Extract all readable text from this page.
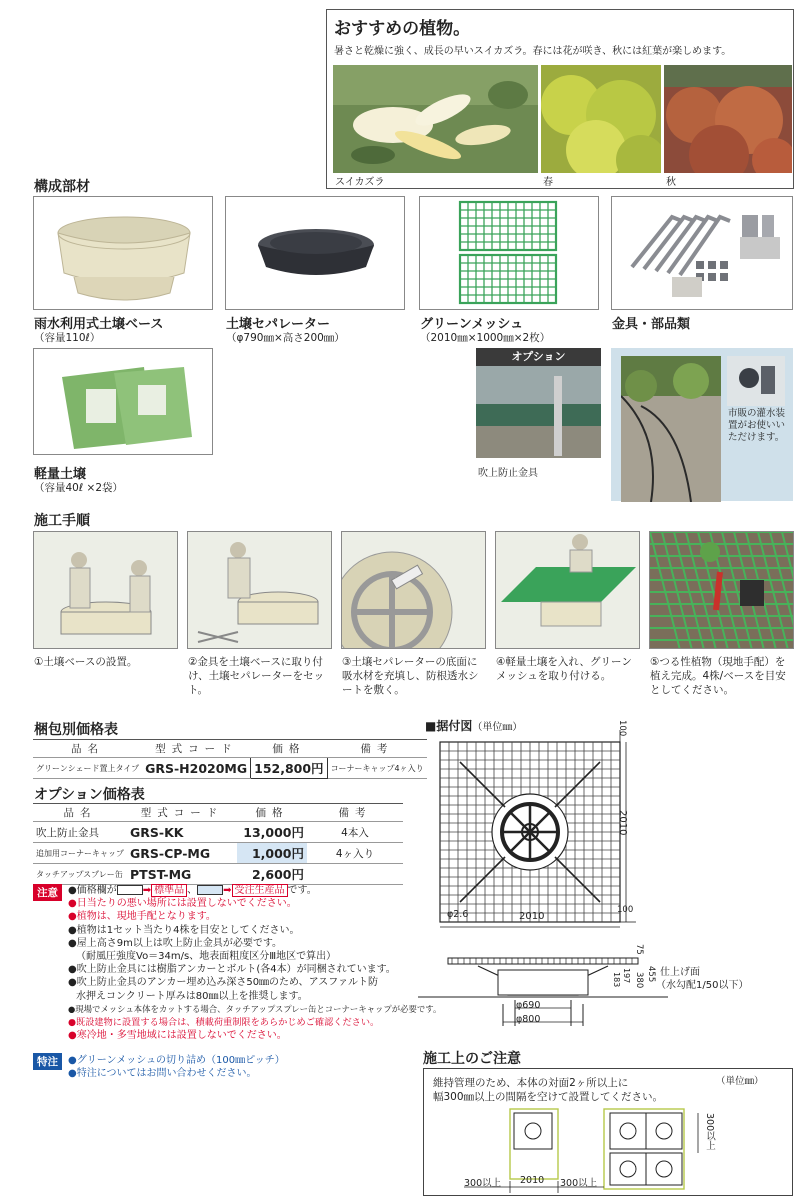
おすすめの植物。
暑さと乾燥に強く、成長の早いスイカズラ。春には花が咲き、秋には紅葉が楽しめます。
スイカズラ	春	秋
構成部材
雨水利用式土壌ベース
（容量110ℓ）
土壌セパレーター
（φ790㎜×高さ200㎜）
グリーンメッシュ
（2010㎜×1000㎜×2枚）
金具・部品類
軽量土壌
（容量40ℓ ×2袋）
オプション
吹上防止金具
市販の灌水装置がお使いいただけます。
施工手順
①土壌ベースの設置。	②金具を土壌ベースに取り付け、土壌セパレーターをセット。
③土壌セパレーターの底面に吸水材を充填し、防根透水シートを敷く。
④軽量土壌を入れ、グリーンメッシュを取り付ける。
⑤つる性植物（現地手配）を植え完成。4株/ベースを目安としてください。
梱包別価格表
品名	型式コード	価格	備考
グリーンシェード置上タイプ	GRS-H2020MG	152,800円	コーナーキャップ4ヶ入り
オプション価格表
品名	型式コード	価格	備考
吹上防止金具	GRS-KK	13,000円	4本入
追加用コーナーキャップ	GRS-CP-MG	1,000円	4ヶ入り
タッチアップスプレー缶	PTST-MG	2,600円	
注意	●価格欄が	➡ 標準品 、	➡ 受注生産品 です。
●日当たりの悪い場所には設置しないでください。
●植物は、現地手配となります。
●植物は1セット当たり4株を目安としてください。
●屋上高さ9m以上は吹上防止金具が必要です。
（耐風圧強度Vo＝34m/s、地表面粗度区分Ⅲ地区で算出）
●吹上防止金具には樹脂アンカーとボルト(各4本）が同梱されています。
●吹上防止金具のアンカー埋め込み深さ50㎜のため、アスファルト防
水押えコンクリート厚みは80㎜以上を推奨します。
●現場でメッシュ本体をカットする場合、タッチアップスプレー缶とコーナーキャップが必要です。
●既設建物に設置する場合は、積載荷重制限をあらかじめご確認ください。
●寒冷地・多雪地域には設置しないでください。
特注	●グリーンメッシュの切り詰め（100㎜ピッチ）
●特注についてはお問い合わせください。
■据付図（単位㎜）	100
2010
2010
100
φ2.6
75
455
380
197
183	仕上げ面
（水勾配1/50以下）
φ690
φ800
施工上のご注意
維持管理のため、本体の対面2ヶ所以上に
幅300㎜以上の間隔を空けて設置してください。
（単位㎜）
300以上 2010 300以上
300以上
